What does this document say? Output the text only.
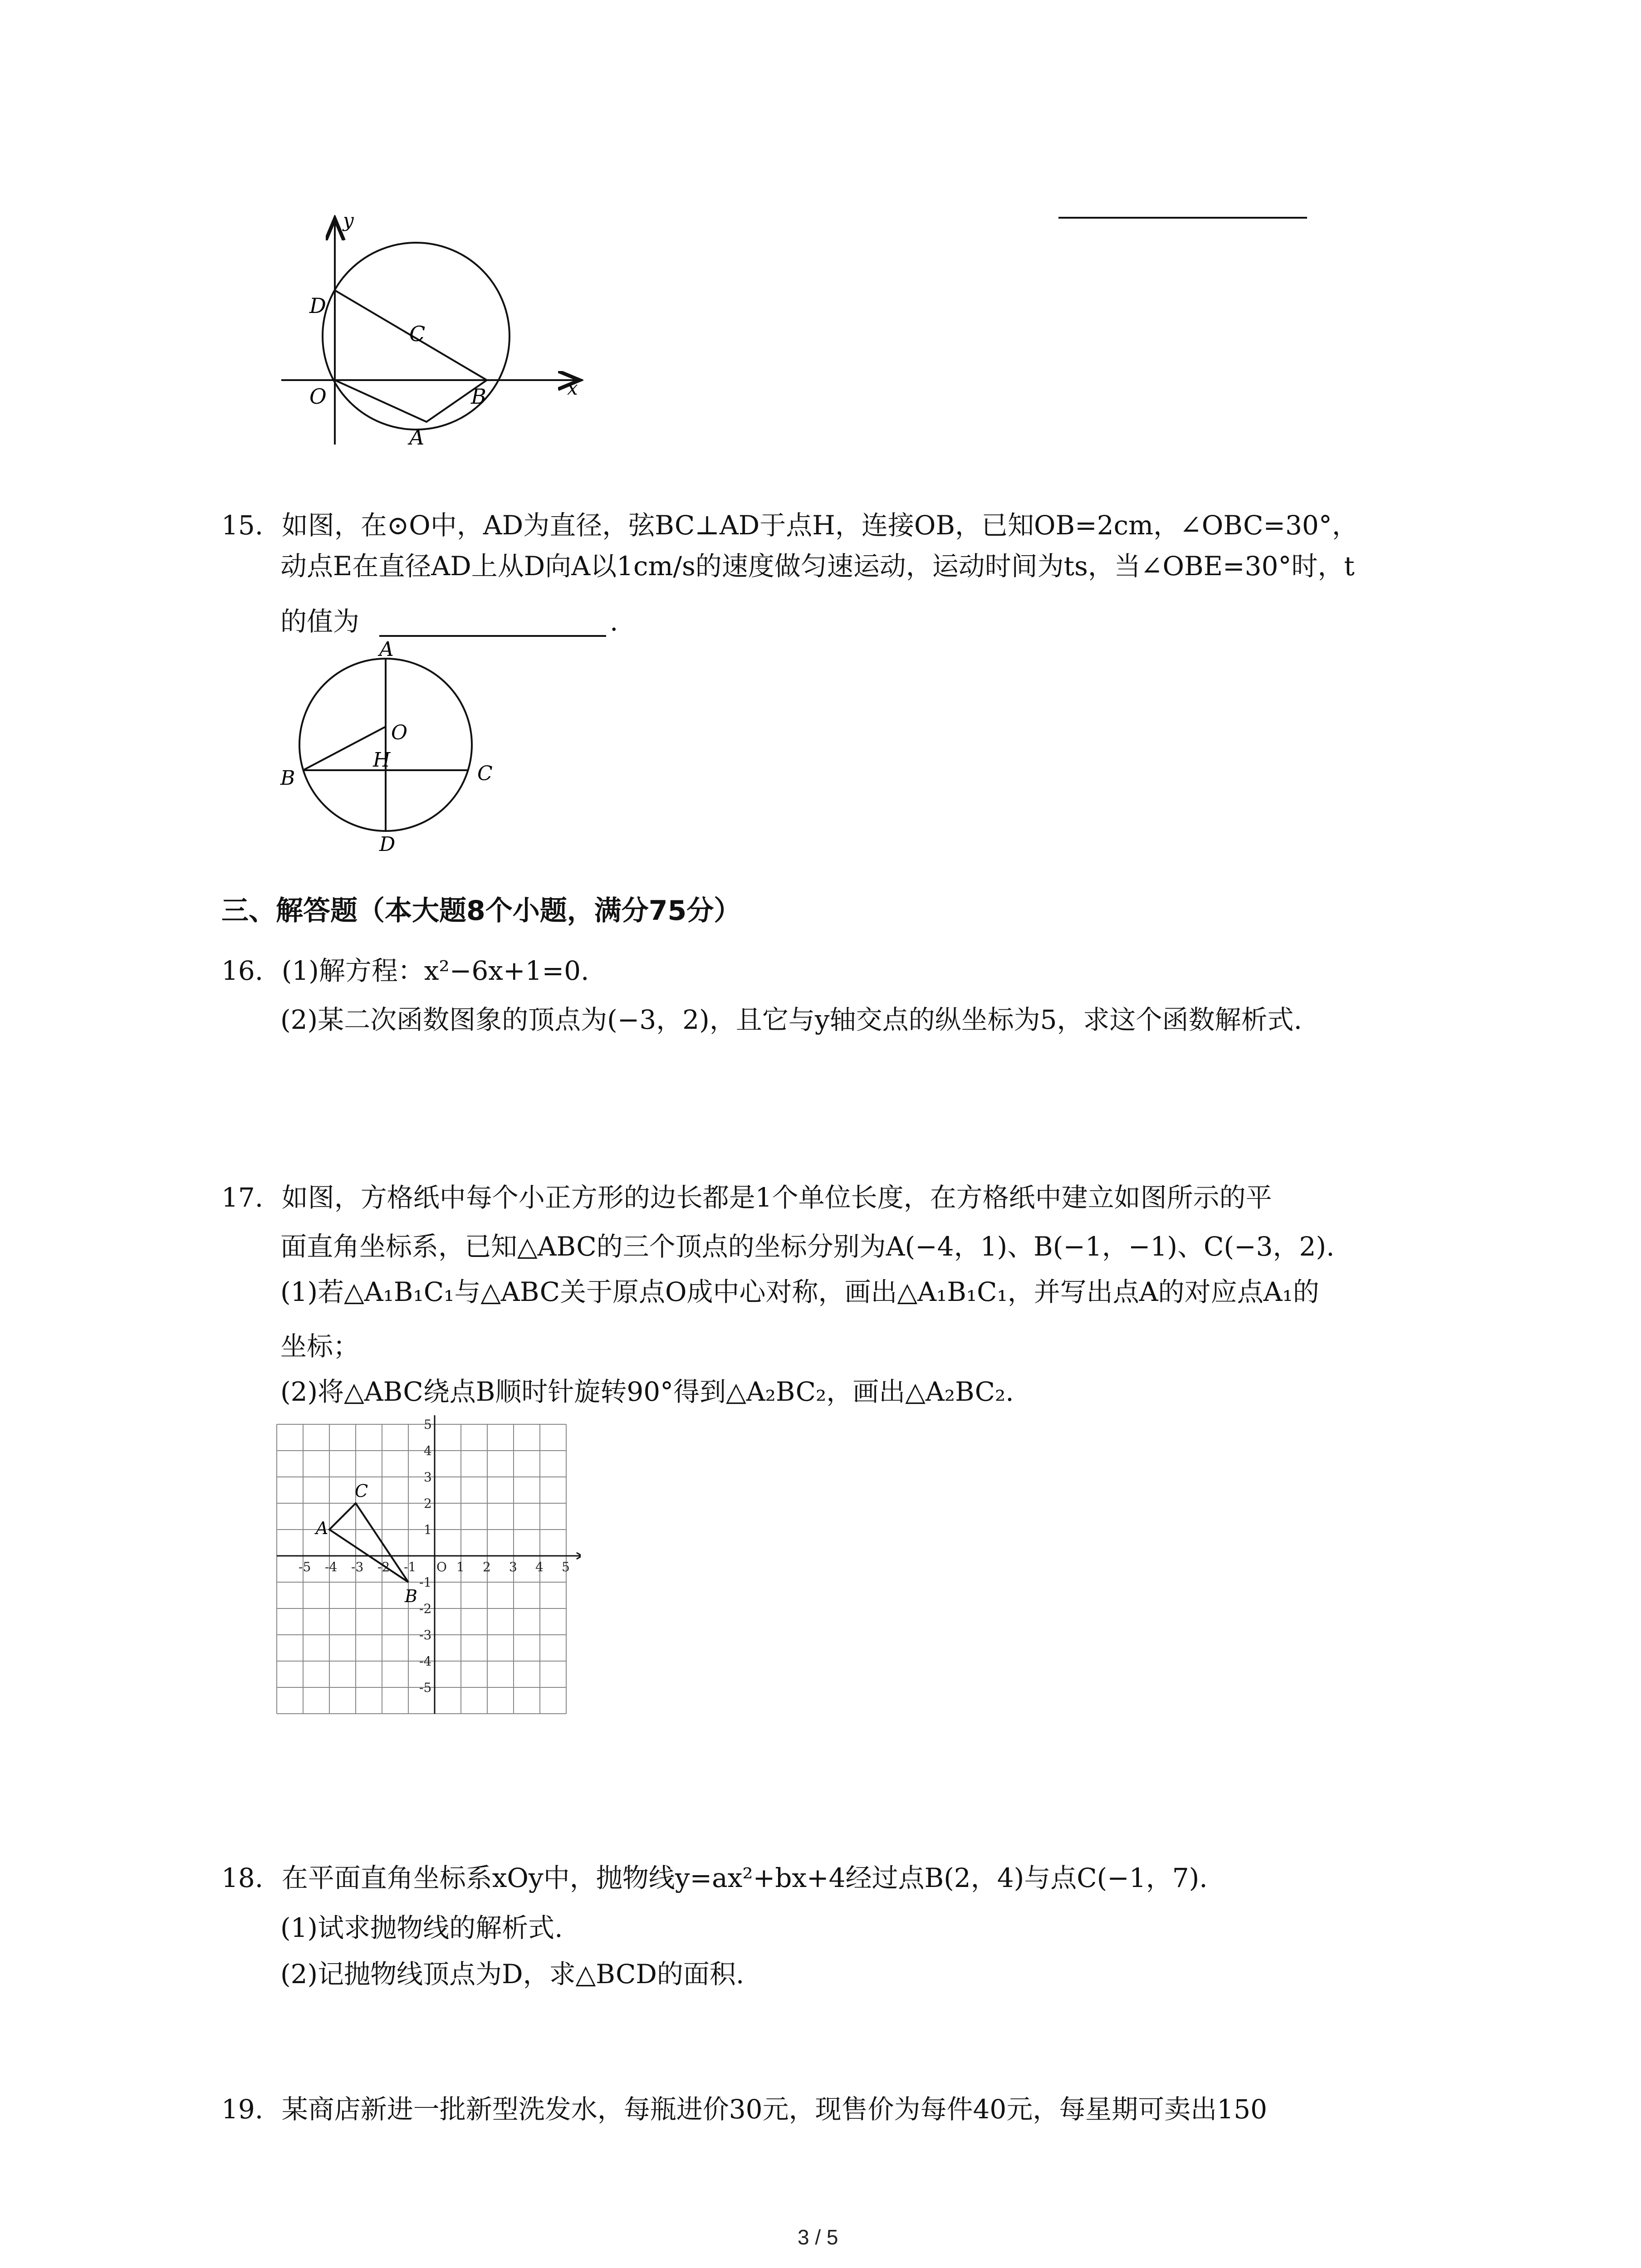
y
x
D
C
O	B
A
15. 如图，在⊙O中，AD为直径，弦BC⊥AD于点H，连接OB，已知OB=2cm，∠OBC=30°，
动点E在直径AD上从D向A以1cm/s的速度做匀速运动，运动时间为ts，当∠OBE=30°时，t
的值为	.
A
O
H
B	C
D
三、解答题（本大题8个小题，满分75分）
16. (1)解方程：x²−6x+1=0.
(2)某二次函数图象的顶点为(−3，2)，且它与y轴交点的纵坐标为5，求这个函数解析式.
17. 如图，方格纸中每个小正方形的边长都是1个单位长度，在方格纸中建立如图所示的平
面直角坐标系，已知△ABC的三个顶点的坐标分别为A(−4，1)、B(−1，−1)、C(−3，2).
(1)若△A₁B₁C₁与△ABC关于原点O成中心对称，画出△A₁B₁C₁，并写出点A的对应点A₁的
坐标；
(2)将△ABC绕点B顺时针旋转90°得到△A₂BC₂，画出△A₂BC₂.
-5 -4 -3 -2 -1 O 1 2 3 4 5
5
4
3
2
1
-1
-2
-3
-4
-5
A
B
C
18. 在平面直角坐标系xOy中，抛物线y=ax²+bx+4经过点B(2，4)与点C(−1，7).
(1)试求抛物线的解析式.
(2)记抛物线顶点为D，求△BCD的面积.
19. 某商店新进一批新型洗发水，每瓶进价30元，现售价为每件40元，每星期可卖出150
3 / 5
